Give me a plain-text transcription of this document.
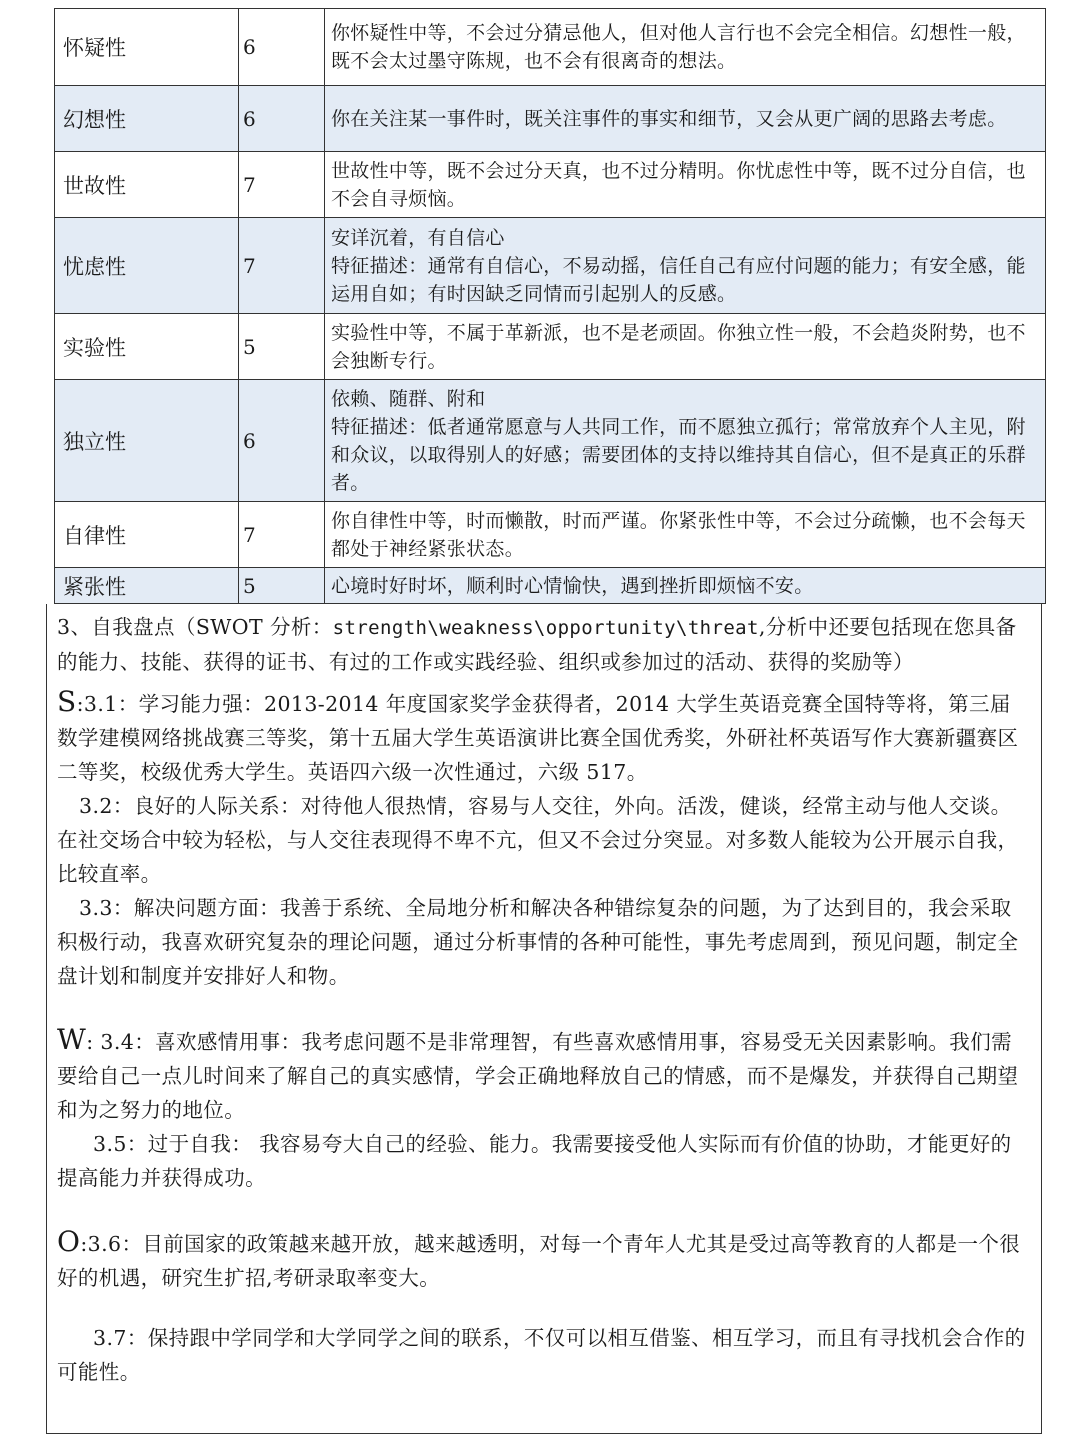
怀疑性	6	你怀疑性中等，不会过分猜忌他人，但对他人言行也不会完全相信。幻想性一般，既不会太过墨守陈规，也不会有很离奇的想法。

幻想性	6	你在关注某一事件时，既关注事件的事实和细节，又会从更广阔的思路去考虑。

世故性	7	世故性中等，既不会过分天真，也不过分精明。你忧虑性中等，既不过分自信，也不会自寻烦恼。

忧虑性	7	安详沉着，有自信心
特征描述：通常有自信心，不易动摇，信任自己有应付问题的能力；有安全感，能运用自如；有时因缺乏同情而引起别人的反感。

实验性	5	实验性中等，不属于革新派，也不是老顽固。你独立性一般，不会趋炎附势，也不会独断专行。

独立性	6	依赖、随群、附和
特征描述：低者通常愿意与人共同工作，而不愿独立孤行；常常放弃个人主见，附和众议，以取得别人的好感；需要团体的支持以维持其自信心，但不是真正的乐群者。

自律性	7	你自律性中等，时而懒散，时而严谨。你紧张性中等，不会过分疏懒，也不会每天都处于神经紧张状态。

紧张性	5	心境时好时坏，顺利时心情愉快，遇到挫折即烦恼不安。

3、自我盘点（SWOT 分析：strength\weakness\opportunity\threat,分析中还要包括现在您具备的能力、技能、获得的证书、有过的工作或实践经验、组织或参加过的活动、获得的奖励等）

S:3.1：学习能力强：2013-2014 年度国家奖学金获得者，2014 大学生英语竞赛全国特等将，第三届数学建模网络挑战赛三等奖，第十五届大学生英语演讲比赛全国优秀奖，外研社杯英语写作大赛新疆赛区二等奖，校级优秀大学生。英语四六级一次性通过，六级 517。

3.2：良好的人际关系：对待他人很热情，容易与人交往，外向。活泼，健谈，经常主动与他人交谈。在社交场合中较为轻松，与人交往表现得不卑不亢，但又不会过分突显。对多数人能较为公开展示自我，比较直率。

3.3：解决问题方面：我善于系统、全局地分析和解决各种错综复杂的问题，为了达到目的，我会采取积极行动，我喜欢研究复杂的理论问题，通过分析事情的各种可能性，事先考虑周到，预见问题，制定全盘计划和制度并安排好人和物。

W: 3.4：喜欢感情用事：我考虑问题不是非常理智，有些喜欢感情用事，容易受无关因素影响。我们需要给自己一点儿时间来了解自己的真实感情，学会正确地释放自己的情感，而不是爆发，并获得自己期望和为之努力的地位。

3.5：过于自我： 我容易夸大自己的经验、能力。我需要接受他人实际而有价值的协助，才能更好的提高能力并获得成功。

O:3.6：目前国家的政策越来越开放，越来越透明，对每一个青年人尤其是受过高等教育的人都是一个很好的机遇，研究生扩招,考研录取率变大。

3.7：保持跟中学同学和大学同学之间的联系，不仅可以相互借鉴、相互学习，而且有寻找机会合作的可能性。
